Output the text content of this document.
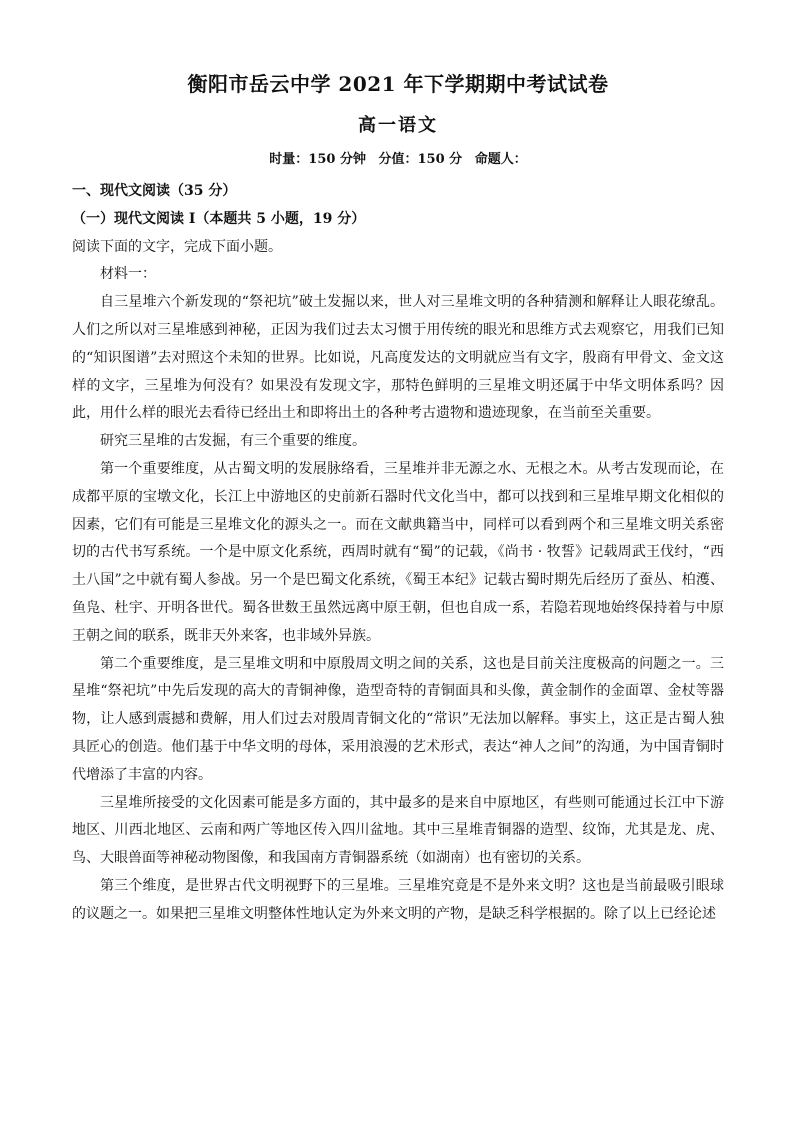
衡阳市岳云中学 2021 年下学期期中考试试卷
高一语文
时量：150 分钟 分值：150 分 命题人：

一、现代文阅读（35 分）

（一）现代文阅读 I（本题共 5 小题，19 分）

阅读下面的文字，完成下面小题。

材料一：

自三星堆六个新发现的“祭祀坑”破土发掘以来，世人对三星堆文明的各种猜测和解释让人眼花缭乱。人们之所以对三星堆感到神秘，正因为我们过去太习惯于用传统的眼光和思维方式去观察它，用我们已知的“知识图谱”去对照这个未知的世界。比如说，凡高度发达的文明就应当有文字，殷商有甲骨文、金文这样的文字，三星堆为何没有？如果没有发现文字，那特色鲜明的三星堆文明还属于中华文明体系吗？因此，用什么样的眼光去看待已经出土和即将出土的各种考古遗物和遗迹现象，在当前至关重要。

研究三星堆的古发掘，有三个重要的维度。

第一个重要维度，从古蜀文明的发展脉络看，三星堆并非无源之水、无根之木。从考古发现而论，在成都平原的宝墩文化，长江上中游地区的史前新石器时代文化当中，都可以找到和三星堆早期文化相似的因素，它们有可能是三星堆文化的源头之一。而在文献典籍当中，同样可以看到两个和三星堆文明关系密切的古代书写系统。一个是中原文化系统，西周时就有“蜀”的记载，《尚书 · 牧誓》记载周武王伐纣，“西土八国”之中就有蜀人参战。另一个是巴蜀文化系统，《蜀王本纪》记载古蜀时期先后经历了蚕丛、柏濩、鱼凫、杜宇、开明各世代。蜀各世数王虽然远离中原王朝，但也自成一系，若隐若现地始终保持着与中原王朝之间的联系，既非天外来客，也非域外异族。

第二个重要维度，是三星堆文明和中原殷周文明之间的关系，这也是目前关注度极高的问题之一。三星堆“祭祀坑”中先后发现的高大的青铜神像，造型奇特的青铜面具和头像，黄金制作的金面罩、金杖等器物，让人感到震撼和费解，用人们过去对殷周青铜文化的“常识”无法加以解释。事实上，这正是古蜀人独具匠心的创造。他们基于中华文明的母体，采用浪漫的艺术形式，表达“神人之间”的沟通，为中国青铜时代增添了丰富的内容。

三星堆所接受的文化因素可能是多方面的，其中最多的是来自中原地区，有些则可能通过长江中下游地区、川西北地区、云南和两广等地区传入四川盆地。其中三星堆青铜器的造型、纹饰，尤其是龙、虎、鸟、大眼兽面等神秘动物图像，和我国南方青铜器系统（如湖南）也有密切的关系。

第三个维度，是世界古代文明视野下的三星堆。三星堆究竟是不是外来文明？这也是当前最吸引眼球的议题之一。如果把三星堆文明整体性地认定为外来文明的产物，是缺乏科学根据的。除了以上已经论述
